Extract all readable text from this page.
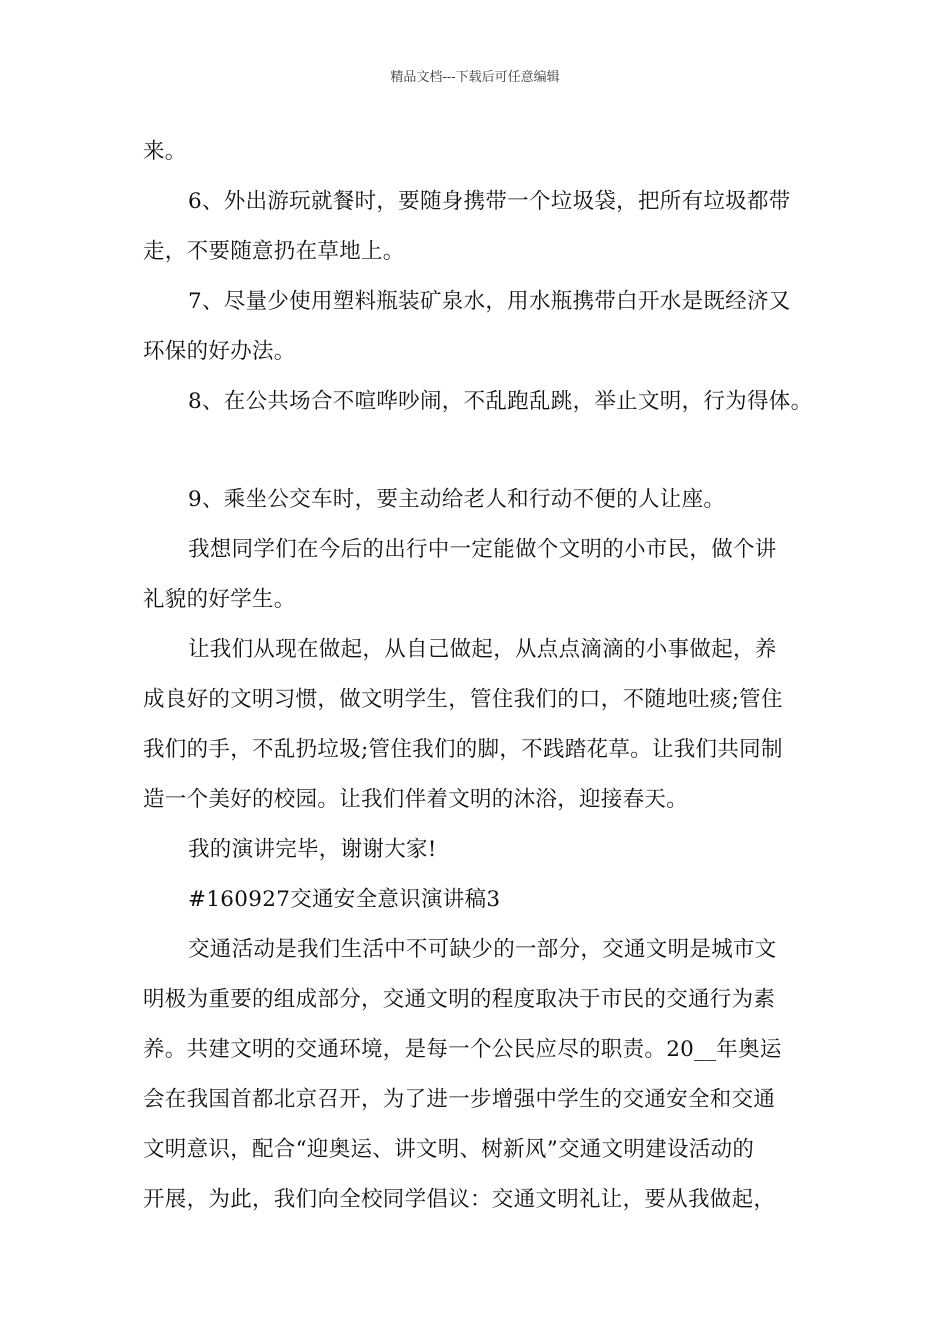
精品文档---下载后可任意编辑
来。
6、外出游玩就餐时，要随身携带一个垃圾袋，把所有垃圾都带
走，不要随意扔在草地上。
7、尽量少使用塑料瓶装矿泉水，用水瓶携带白开水是既经济又
环保的好办法。
8、在公共场合不喧哗吵闹，不乱跑乱跳，举止文明，行为得体。
9、乘坐公交车时，要主动给老人和行动不便的人让座。
我想同学们在今后的出行中一定能做个文明的小市民，做个讲
礼貌的好学生。
让我们从现在做起，从自己做起，从点点滴滴的小事做起，养
成良好的文明习惯，做文明学生，管住我们的口，不随地吐痰;管住
我们的手，不乱扔垃圾;管住我们的脚，不践踏花草。让我们共同制
造一个美好的校园。让我们伴着文明的沐浴，迎接春天。
我的演讲完毕，谢谢大家!
#160927交通安全意识演讲稿3
交通活动是我们生活中不可缺少的一部分，交通文明是城市文
明极为重要的组成部分，交通文明的程度取决于市民的交通行为素
养。共建文明的交通环境，是每一个公民应尽的职责。20__年奥运
会在我国首都北京召开，为了进一步增强中学生的交通安全和交通
文明意识，配合“迎奥运、讲文明、树新风”交通文明建设活动的
开展，为此，我们向全校同学倡议：交通文明礼让，要从我做起，
